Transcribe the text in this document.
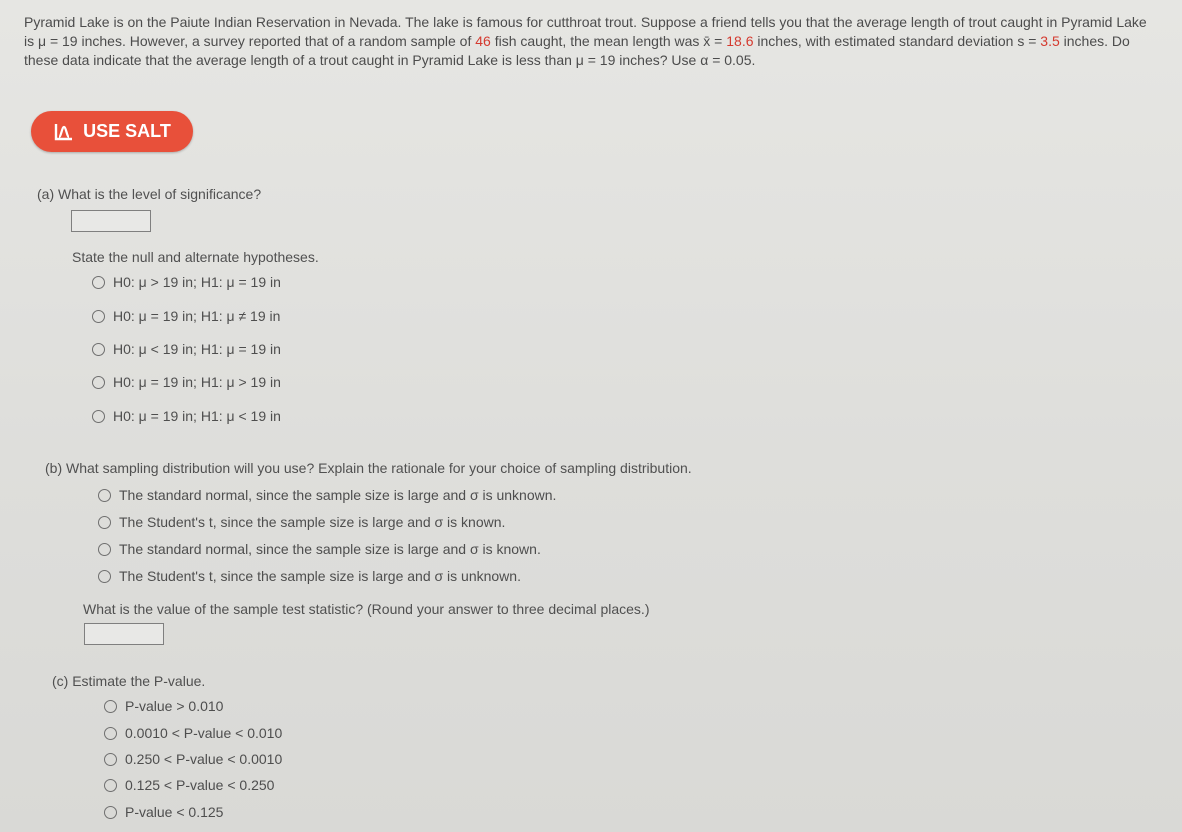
Pyramid Lake is on the Paiute Indian Reservation in Nevada. The lake is famous for cutthroat trout. Suppose a friend tells you that the average length of trout caught in Pyramid Lake is μ = 19 inches. However, a survey reported that of a random sample of 46 fish caught, the mean length was x̄ = 18.6 inches, with estimated standard deviation s = 3.5 inches. Do these data indicate that the average length of a trout caught in Pyramid Lake is less than μ = 19 inches? Use α = 0.05.
USE SALT
(a) What is the level of significance?
State the null and alternate hypotheses.
H0: μ > 19 in; H1: μ = 19 in
H0: μ = 19 in; H1: μ ≠ 19 in
H0: μ < 19 in; H1: μ = 19 in
H0: μ = 19 in; H1: μ > 19 in
H0: μ = 19 in; H1: μ < 19 in
(b) What sampling distribution will you use? Explain the rationale for your choice of sampling distribution.
The standard normal, since the sample size is large and σ is unknown.
The Student's t, since the sample size is large and σ is known.
The standard normal, since the sample size is large and σ is known.
The Student's t, since the sample size is large and σ is unknown.
What is the value of the sample test statistic? (Round your answer to three decimal places.)
(c) Estimate the P-value.
P-value > 0.010
0.0010 < P-value < 0.010
0.250 < P-value < 0.0010
0.125 < P-value < 0.250
P-value < 0.125
